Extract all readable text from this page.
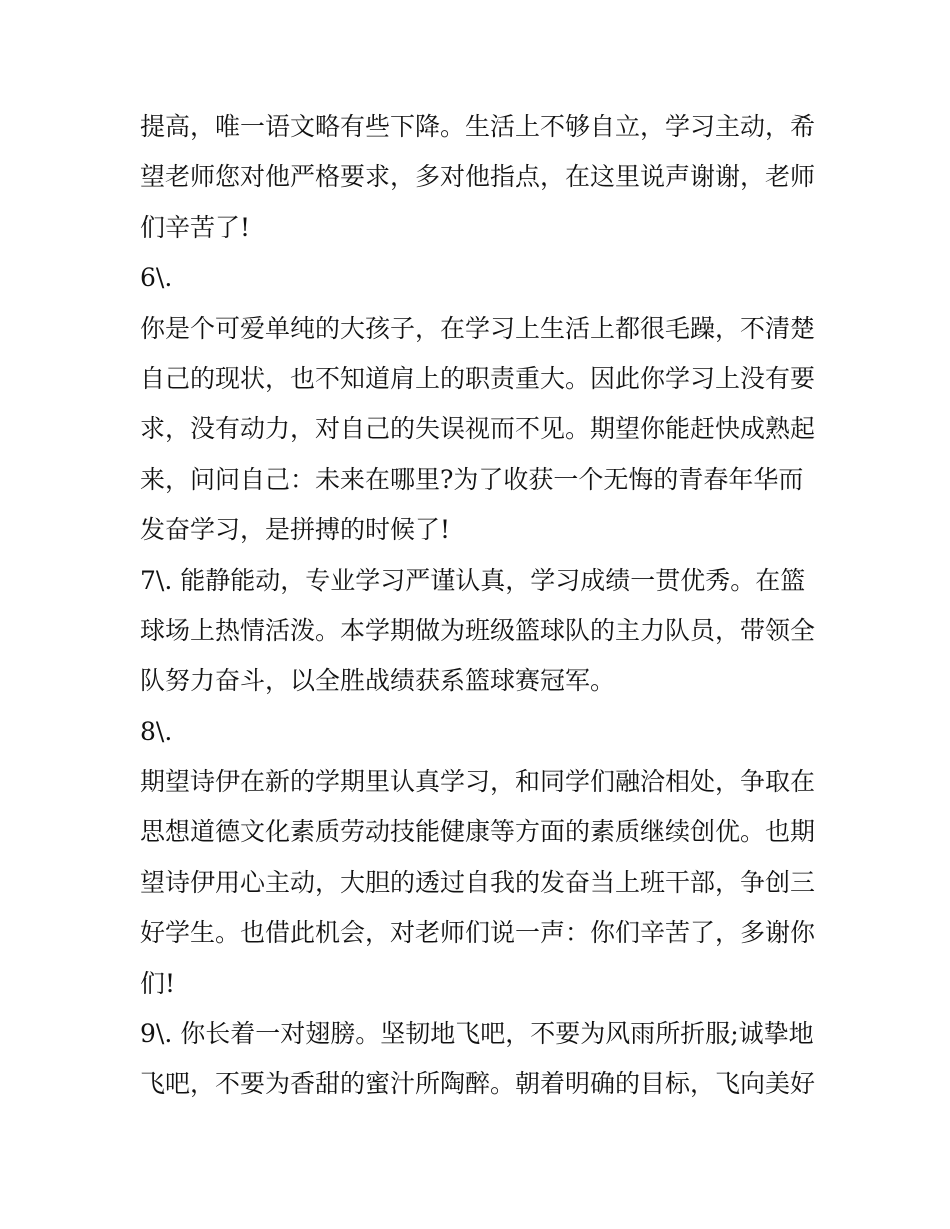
提高，唯一语文略有些下降。生活上不够自立，学习主动，希
望老师您对他严格要求，多对他指点，在这里说声谢谢，老师
们辛苦了!
6\.
你是个可爱单纯的大孩子，在学习上生活上都很毛躁，不清楚
自己的现状，也不知道肩上的职责重大。因此你学习上没有要
求，没有动力，对自己的失误视而不见。期望你能赶快成熟起
来，问问自己：未来在哪里?为了收获一个无悔的青春年华而
发奋学习，是拼搏的时候了!
7\. 能静能动，专业学习严谨认真，学习成绩一贯优秀。在篮
球场上热情活泼。本学期做为班级篮球队的主力队员，带领全
队努力奋斗，以全胜战绩获系篮球赛冠军。
8\.
期望诗伊在新的学期里认真学习，和同学们融洽相处，争取在
思想道德文化素质劳动技能健康等方面的素质继续创优。也期
望诗伊用心主动，大胆的透过自我的发奋当上班干部，争创三
好学生。也借此机会，对老师们说一声：你们辛苦了，多谢你
们!
9\. 你长着一对翅膀。坚韧地飞吧，不要为风雨所折服;诚挚地
飞吧，不要为香甜的蜜汁所陶醉。朝着明确的目标，飞向美好
